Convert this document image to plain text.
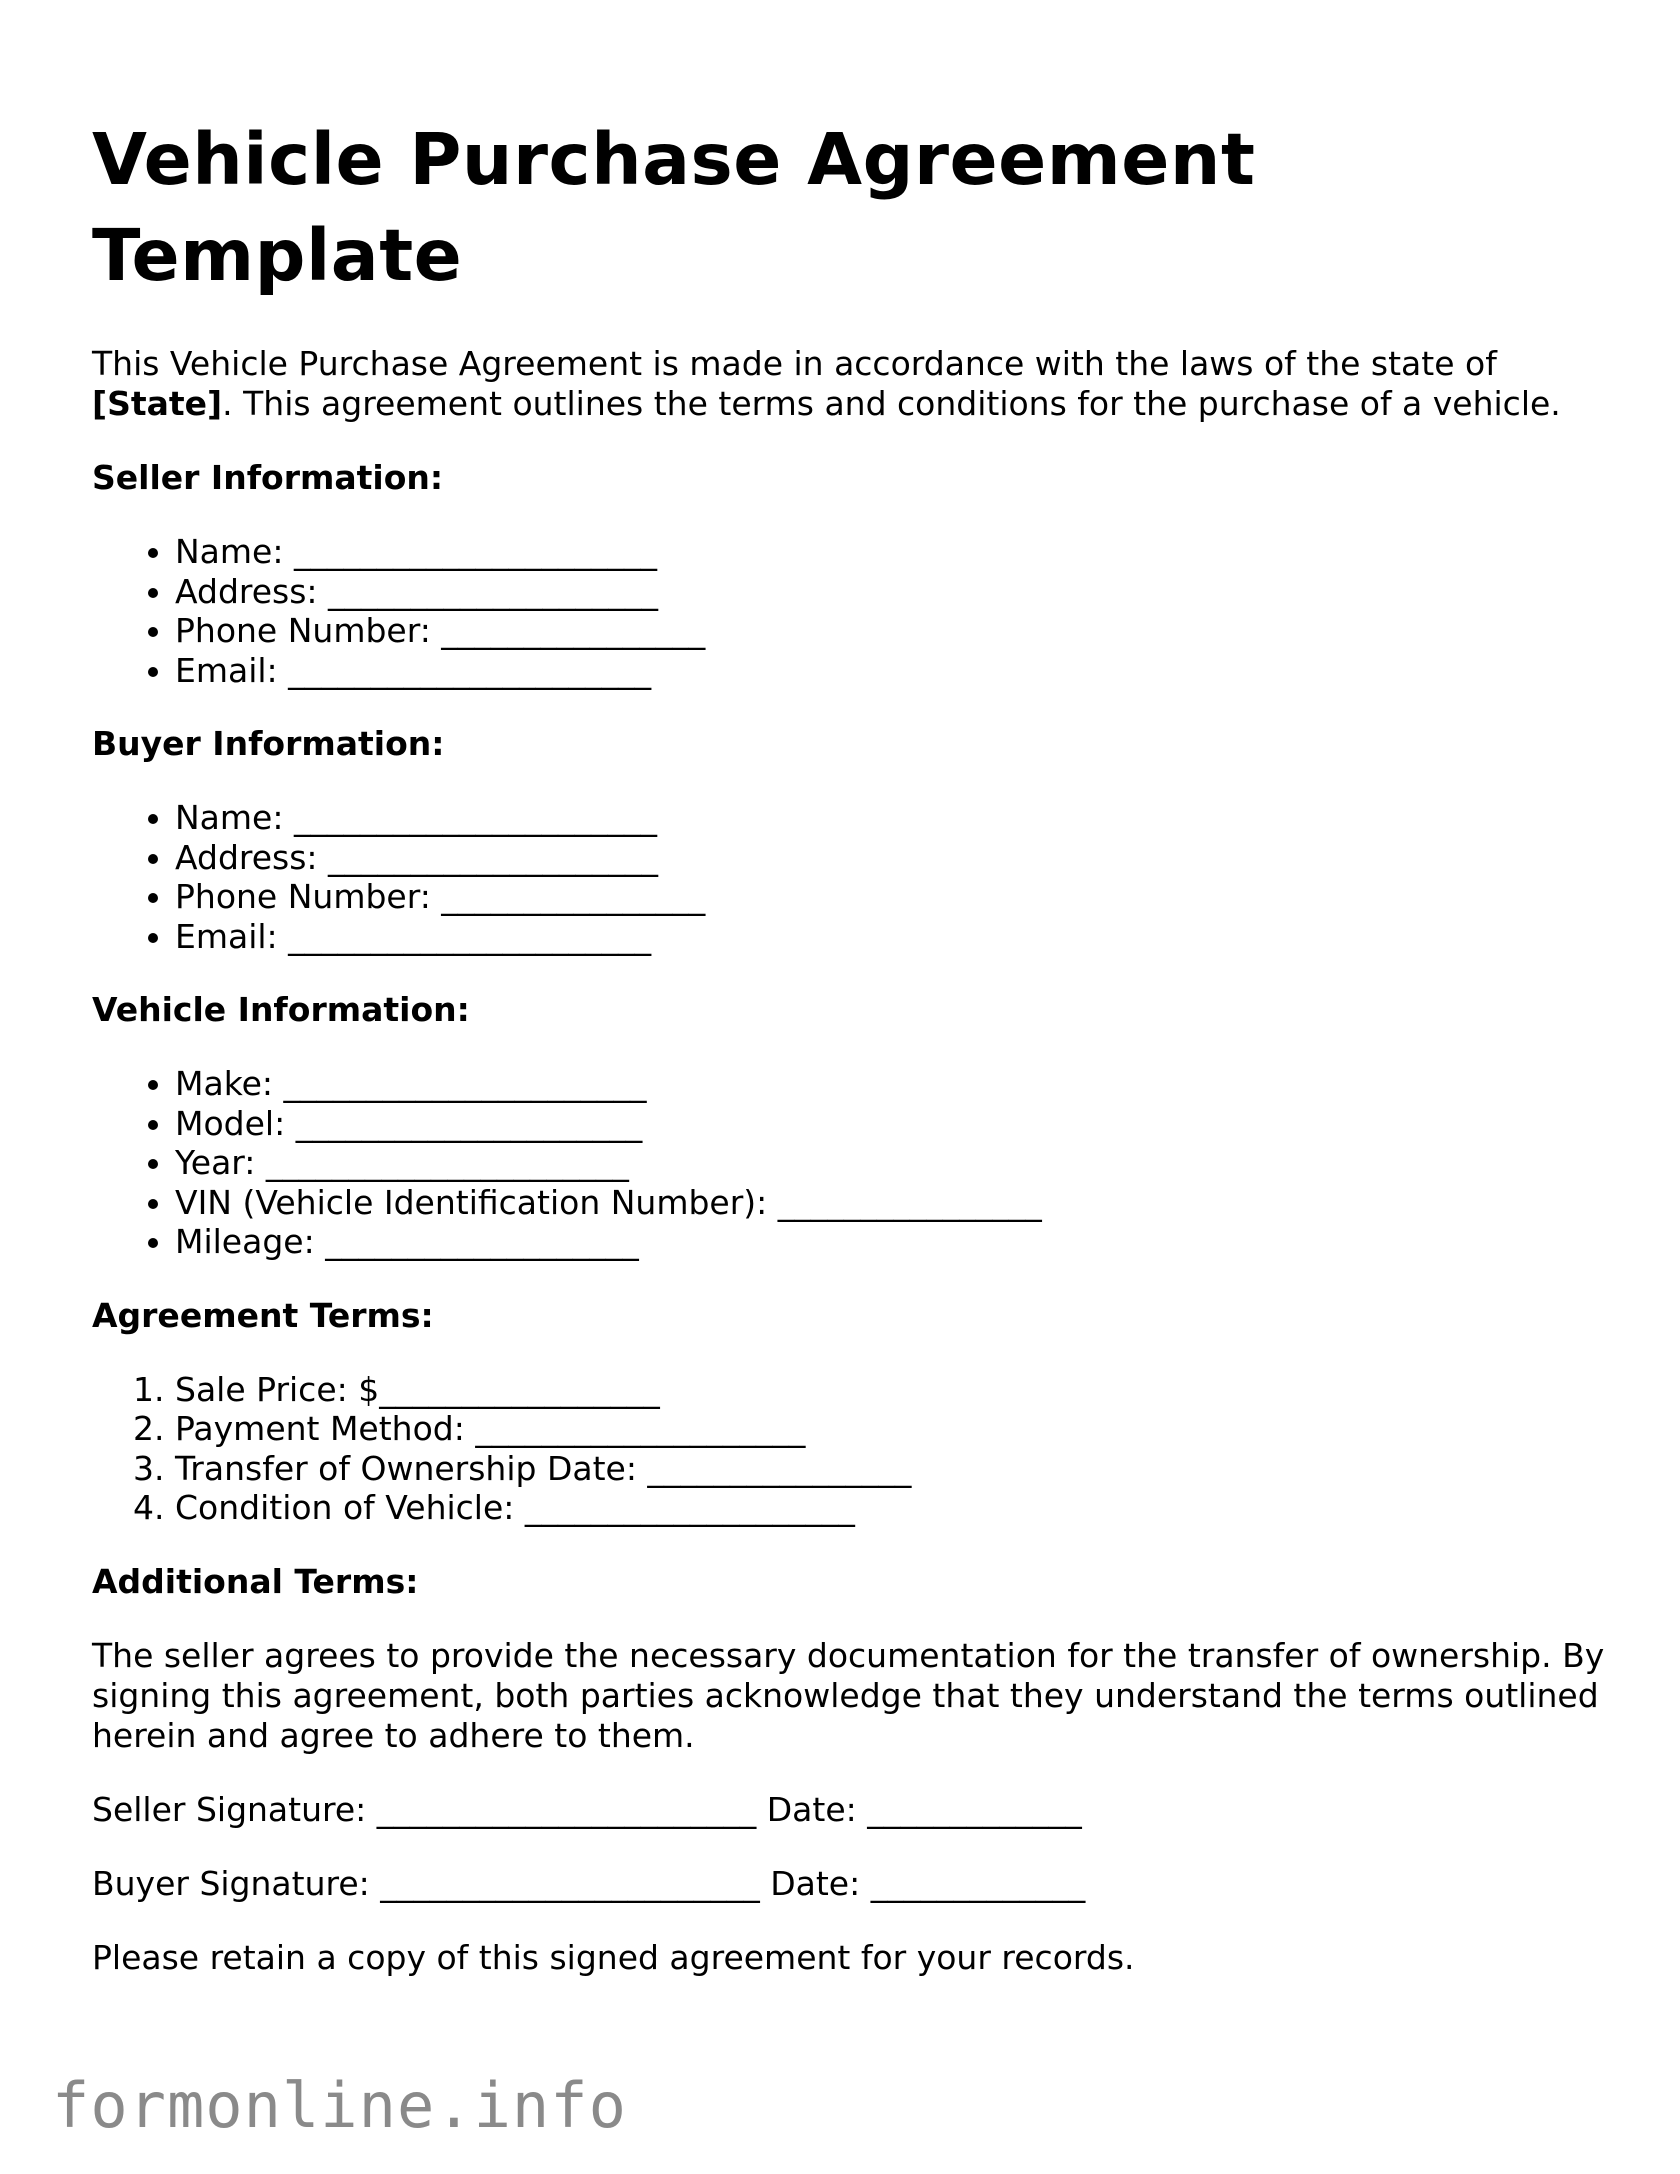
Vehicle Purchase Agreement Template

This Vehicle Purchase Agreement is made in accordance with the laws of the state of [State]. This agreement outlines the terms and conditions for the purchase of a vehicle.

Seller Information:
• Name: ______________________
• Address: ____________________
• Phone Number: ________________
• Email: ______________________
Buyer Information:
• Name: ______________________
• Address: ____________________
• Phone Number: ________________
• Email: ______________________
Vehicle Information:
• Make: ______________________
• Model: _____________________
• Year: ______________________
• VIN (Vehicle Identification Number): ________________
• Mileage: ___________________
Agreement Terms:
1. Sale Price: $_________________
2. Payment Method: ____________________
3. Transfer of Ownership Date: ________________
4. Condition of Vehicle: ____________________
Additional Terms:

The seller agrees to provide the necessary documentation for the transfer of ownership. By signing this agreement, both parties acknowledge that they understand the terms outlined herein and agree to adhere to them.

Seller Signature: _______________________ Date: _____________

Buyer Signature: _______________________ Date: _____________

Please retain a copy of this signed agreement for your records.

formonline.info
